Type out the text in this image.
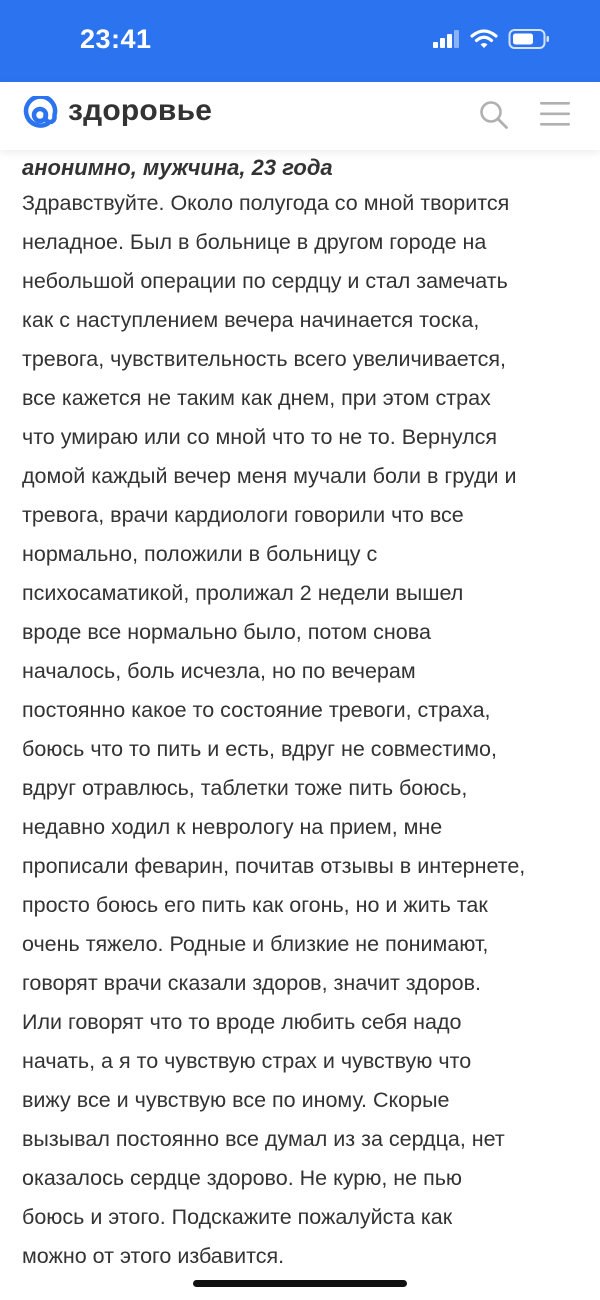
23:41
здоровье

анонимно, мужчина, 23 года

Здравствуйте. Около полугода со мной творится
неладное. Был в больнице в другом городе на
небольшой операции по сердцу и стал замечать
как с наступлением вечера начинается тоска,
тревога, чувствительность всего увеличивается,
все кажется не таким как днем, при этом страх
что умираю или со мной что то не то. Вернулся
домой каждый вечер меня мучали боли в груди и
тревога, врачи кардиологи говорили что все
нормально, положили в больницу с
психосаматикой, пролижал 2 недели вышел
вроде все нормально было, потом снова
началось, боль исчезла, но по вечерам
постоянно какое то состояние тревоги, страха,
боюсь что то пить и есть, вдруг не совместимо,
вдруг отравлюсь, таблетки тоже пить боюсь,
недавно ходил к неврологу на прием, мне
прописали феварин, почитав отзывы в интернете,
просто боюсь его пить как огонь, но и жить так
очень тяжело. Родные и близкие не понимают,
говорят врачи сказали здоров, значит здоров.
Или говорят что то вроде любить себя надо
начать, а я то чувствую страх и чувствую что
вижу все и чувствую все по иному. Скорые
вызывал постоянно все думал из за сердца, нет
оказалось сердце здорово. Не курю, не пью
боюсь и этого. Подскажите пожалуйста как
можно от этого избавится.
